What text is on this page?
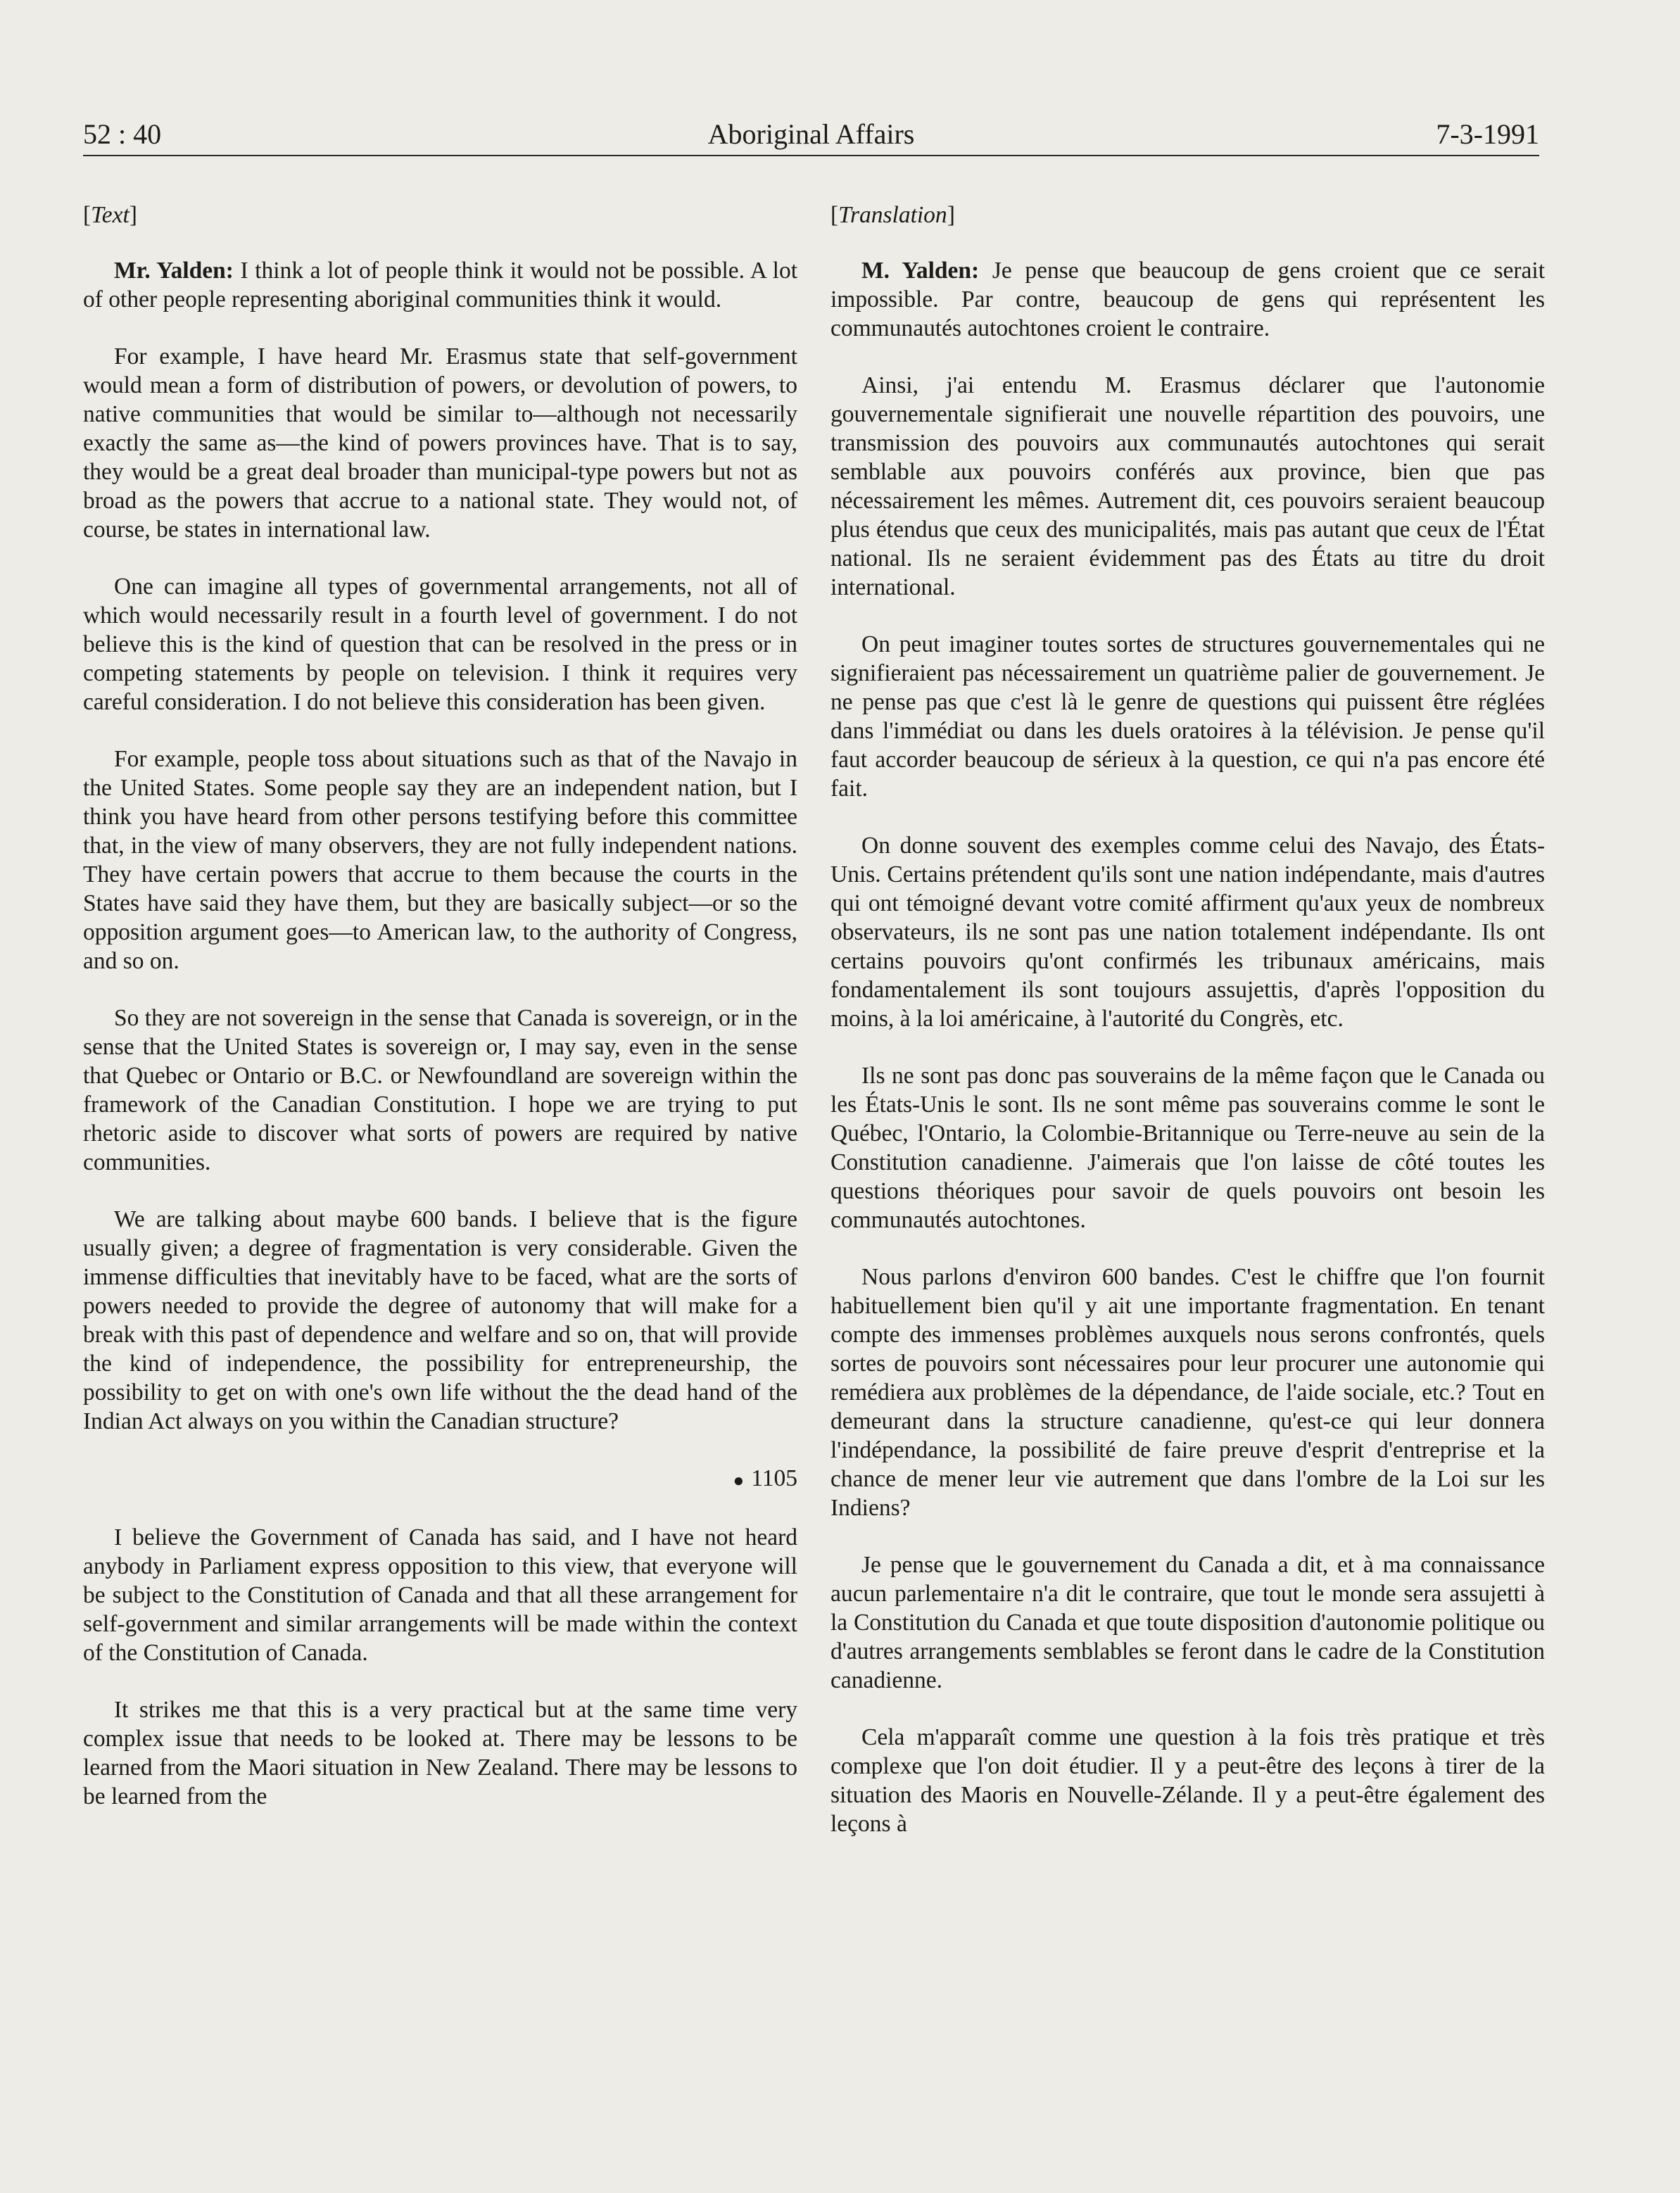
52 : 40	Aboriginal Affairs	7-3-1991
[Text]

Mr. Yalden: I think a lot of people think it would not be possible. A lot of other people representing aboriginal communities think it would.

For example, I have heard Mr. Erasmus state that self-government would mean a form of distribution of powers, or devolution of powers, to native communities that would be similar to—although not necessarily exactly the same as—the kind of powers provinces have. That is to say, they would be a great deal broader than municipal-type powers but not as broad as the powers that accrue to a national state. They would not, of course, be states in international law.

One can imagine all types of governmental arrangements, not all of which would necessarily result in a fourth level of government. I do not believe this is the kind of question that can be resolved in the press or in competing statements by people on television. I think it requires very careful consideration. I do not believe this consideration has been given.

For example, people toss about situations such as that of the Navajo in the United States. Some people say they are an independent nation, but I think you have heard from other persons testifying before this committee that, in the view of many observers, they are not fully independent nations. They have certain powers that accrue to them because the courts in the States have said they have them, but they are basically subject—or so the opposition argument goes—to American law, to the authority of Congress, and so on.

So they are not sovereign in the sense that Canada is sovereign, or in the sense that the United States is sovereign or, I may say, even in the sense that Quebec or Ontario or B.C. or Newfoundland are sovereign within the framework of the Canadian Constitution. I hope we are trying to put rhetoric aside to discover what sorts of powers are required by native communities.

We are talking about maybe 600 bands. I believe that is the figure usually given; a degree of fragmentation is very considerable. Given the immense difficulties that inevitably have to be faced, what are the sorts of powers needed to provide the degree of autonomy that will make for a break with this past of dependence and welfare and so on, that will provide the kind of independence, the possibility for entrepreneurship, the possibility to get on with one's own life without the the dead hand of the Indian Act always on you within the Canadian structure?

● 1105

I believe the Government of Canada has said, and I have not heard anybody in Parliament express opposition to this view, that everyone will be subject to the Constitution of Canada and that all these arrangement for self-government and similar arrangements will be made within the context of the Constitution of Canada.

It strikes me that this is a very practical but at the same time very complex issue that needs to be looked at. There may be lessons to be learned from the Maori situation in New Zealand. There may be lessons to be learned from the

[Translation]

M. Yalden: Je pense que beaucoup de gens croient que ce serait impossible. Par contre, beaucoup de gens qui représentent les communautés autochtones croient le contraire.

Ainsi, j'ai entendu M. Erasmus déclarer que l'autonomie gouvernementale signifierait une nouvelle répartition des pouvoirs, une transmission des pouvoirs aux communautés autochtones qui serait semblable aux pouvoirs conférés aux province, bien que pas nécessairement les mêmes. Autrement dit, ces pouvoirs seraient beaucoup plus étendus que ceux des municipalités, mais pas autant que ceux de l'État national. Ils ne seraient évidemment pas des États au titre du droit international.

On peut imaginer toutes sortes de structures gouvernementales qui ne signifieraient pas nécessairement un quatrième palier de gouvernement. Je ne pense pas que c'est là le genre de questions qui puissent être réglées dans l'immédiat ou dans les duels oratoires à la télévision. Je pense qu'il faut accorder beaucoup de sérieux à la question, ce qui n'a pas encore été fait.

On donne souvent des exemples comme celui des Navajo, des États-Unis. Certains prétendent qu'ils sont une nation indépendante, mais d'autres qui ont témoigné devant votre comité affirment qu'aux yeux de nombreux observateurs, ils ne sont pas une nation totalement indépendante. Ils ont certains pouvoirs qu'ont confirmés les tribunaux américains, mais fondamentalement ils sont toujours assujettis, d'après l'opposition du moins, à la loi américaine, à l'autorité du Congrès, etc.

Ils ne sont pas donc pas souverains de la même façon que le Canada ou les États-Unis le sont. Ils ne sont même pas souverains comme le sont le Québec, l'Ontario, la Colombie-Britannique ou Terre-neuve au sein de la Constitution canadienne. J'aimerais que l'on laisse de côté toutes les questions théoriques pour savoir de quels pouvoirs ont besoin les communautés autochtones.

Nous parlons d'environ 600 bandes. C'est le chiffre que l'on fournit habituellement bien qu'il y ait une importante fragmentation. En tenant compte des immenses problèmes auxquels nous serons confrontés, quels sortes de pouvoirs sont nécessaires pour leur procurer une autonomie qui remédiera aux problèmes de la dépendance, de l'aide sociale, etc.? Tout en demeurant dans la structure canadienne, qu'est-ce qui leur donnera l'indépendance, la possibilité de faire preuve d'esprit d'entreprise et la chance de mener leur vie autrement que dans l'ombre de la Loi sur les Indiens?

Je pense que le gouvernement du Canada a dit, et à ma connaissance aucun parlementaire n'a dit le contraire, que tout le monde sera assujetti à la Constitution du Canada et que toute disposition d'autonomie politique ou d'autres arrangements semblables se feront dans le cadre de la Constitution canadienne.

Cela m'apparaît comme une question à la fois très pratique et très complexe que l'on doit étudier. Il y a peut-être des leçons à tirer de la situation des Maoris en Nouvelle-Zélande. Il y a peut-être également des leçons à
